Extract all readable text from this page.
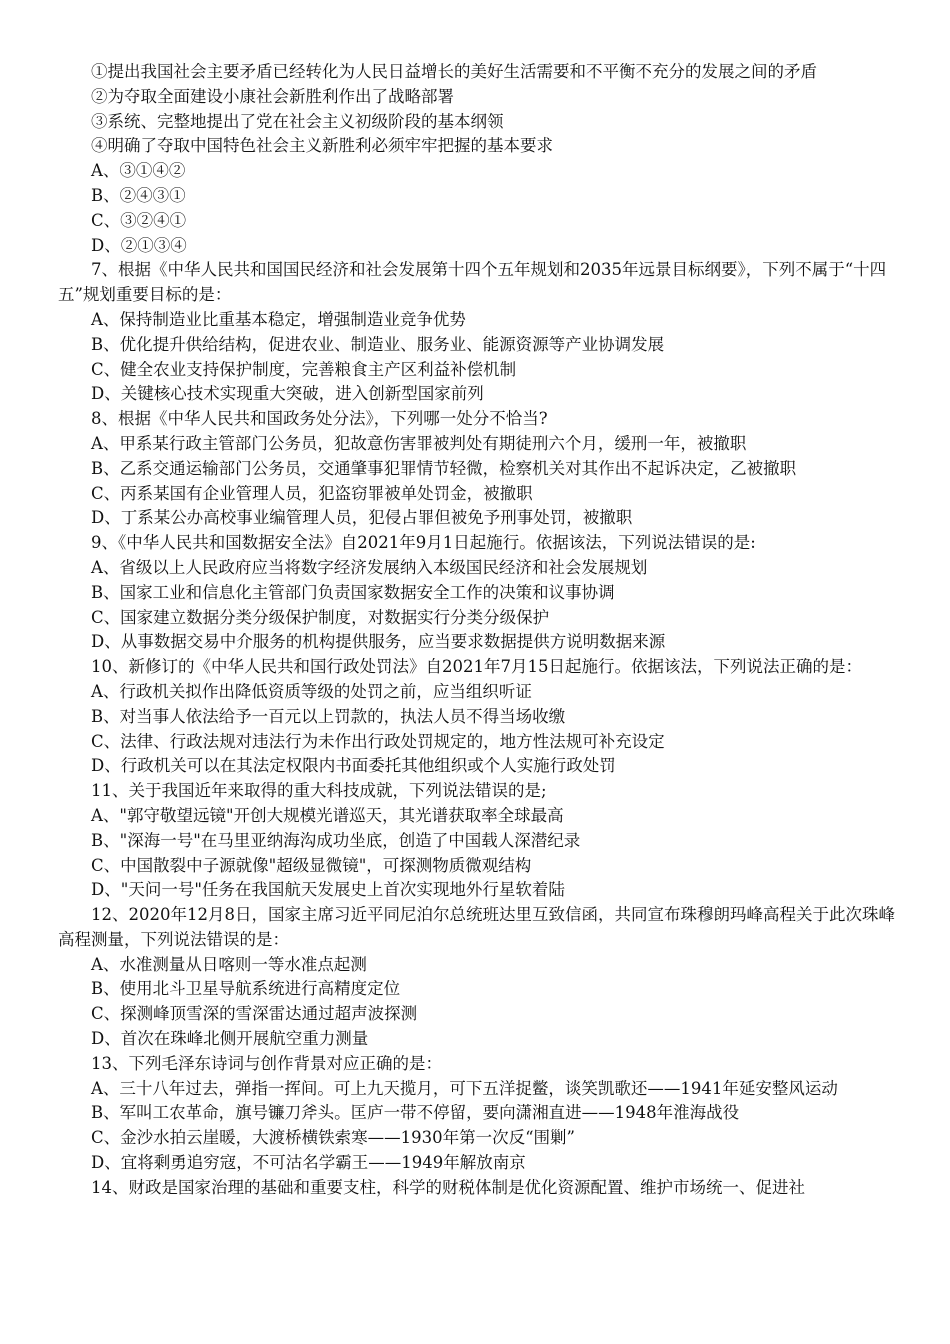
①提出我国社会主要矛盾已经转化为人民日益增长的美好生活需要和不平衡不充分的发展之间的矛盾
②为夺取全面建设小康社会新胜利作出了战略部署
③系统、完整地提出了党在社会主义初级阶段的基本纲领
④明确了夺取中国特色社会主义新胜利必须牢牢把握的基本要求
A、③①④②
B、②④③①
C、③②④①
D、②①③④
7、根据《中华人民共和国国民经济和社会发展第十四个五年规划和2035年远景目标纲要》，下列不属于“十四五”规划重要目标的是：
A、保持制造业比重基本稳定，增强制造业竞争优势
B、优化提升供给结构，促进农业、制造业、服务业、能源资源等产业协调发展
C、健全农业支持保护制度，完善粮食主产区利益补偿机制
D、关键核心技术实现重大突破，进入创新型国家前列
8、根据《中华人民共和国政务处分法》，下列哪一处分不恰当?
A、甲系某行政主管部门公务员，犯故意伤害罪被判处有期徒刑六个月，缓刑一年，被撤职
B、乙系交通运输部门公务员，交通肇事犯罪情节轻微，检察机关对其作出不起诉决定，乙被撤职
C、丙系某国有企业管理人员，犯盗窃罪被单处罚金，被撤职
D、丁系某公办高校事业编管理人员，犯侵占罪但被免予刑事处罚，被撤职
9、《中华人民共和国数据安全法》自2021年9月1日起施行。依据该法，下列说法错误的是:
A、省级以上人民政府应当将数字经济发展纳入本级国民经济和社会发展规划
B、国家工业和信息化主管部门负责国家数据安全工作的决策和议事协调
C、国家建立数据分类分级保护制度，对数据实行分类分级保护
D、从事数据交易中介服务的机构提供服务，应当要求数据提供方说明数据来源
10、新修订的《中华人民共和国行政处罚法》自2021年7月15日起施行。依据该法，下列说法正确的是：
A、行政机关拟作出降低资质等级的处罚之前，应当组织听证
B、对当事人依法给予一百元以上罚款的，执法人员不得当场收缴
C、法律、行政法规对违法行为未作出行政处罚规定的，地方性法规可补充设定
D、行政机关可以在其法定权限内书面委托其他组织或个人实施行政处罚
11、关于我国近年来取得的重大科技成就，下列说法错误的是;
A、"郭守敬望远镜"开创大规模光谱巡天，其光谱获取率全球最高
B、"深海一号"在马里亚纳海沟成功坐底，创造了中国载人深潜纪录
C、中国散裂中子源就像"超级显微镜"，可探测物质微观结构
D、"天问一号"任务在我国航天发展史上首次实现地外行星软着陆
12、2020年12月8日，国家主席习近平同尼泊尔总统班达里互致信函，共同宣布珠穆朗玛峰高程关于此次珠峰高程测量，下列说法错误的是：
A、水准测量从日喀则一等水准点起测
B、使用北斗卫星导航系统进行高精度定位
C、探测峰顶雪深的雪深雷达通过超声波探测
D、首次在珠峰北侧开展航空重力测量
13、下列毛泽东诗词与创作背景对应正确的是：
A、三十八年过去，弹指一挥间。可上九天揽月，可下五洋捉鳖，谈笑凯歌还——1941年延安整风运动
B、军叫工农革命，旗号镰刀斧头。匡庐一带不停留，要向潇湘直进——1948年淮海战役
C、金沙水拍云崖暖，大渡桥横铁索寒——1930年第一次反“围剿”
D、宜将剩勇追穷寇，不可沽名学霸王——1949年解放南京
14、财政是国家治理的基础和重要支柱，科学的财税体制是优化资源配置、维护市场统一、促进社
